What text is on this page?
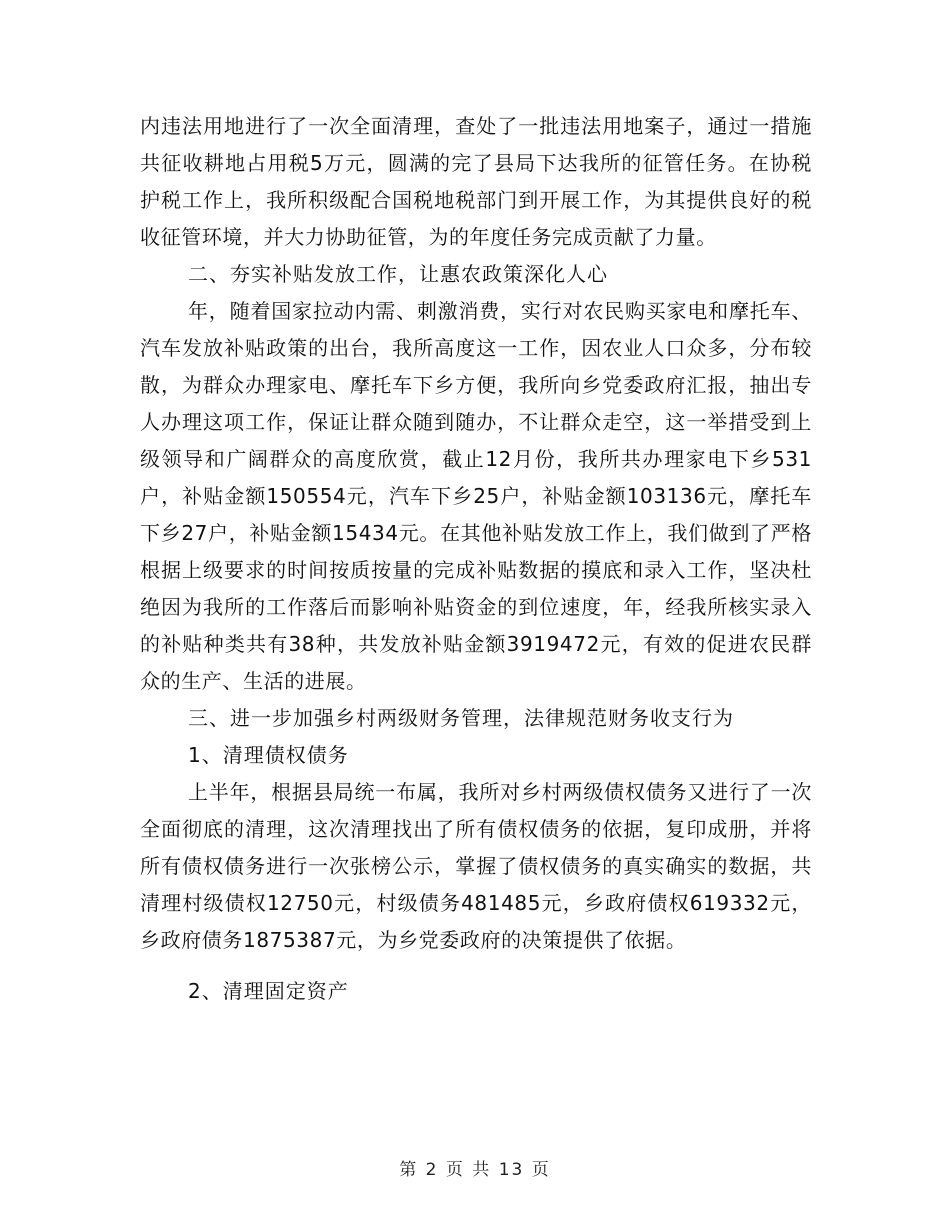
内违法用地进行了一次全面清理，查处了一批违法用地案子，通过一措施共征收耕地占用税5万元，圆满的完了县局下达我所的征管任务。在协税护税工作上，我所积级配合国税地税部门到开展工作，为其提供良好的税收征管环境，并大力协助征管，为的年度任务完成贡献了力量。

二、夯实补贴发放工作，让惠农政策深化人心

年，随着国家拉动内需、刺激消费，实行对农民购买家电和摩托车、汽车发放补贴政策的出台，我所高度这一工作，因农业人口众多，分布较散，为群众办理家电、摩托车下乡方便，我所向乡党委政府汇报，抽出专人办理这项工作，保证让群众随到随办，不让群众走空，这一举措受到上级领导和广阔群众的高度欣赏，截止12月份，我所共办理家电下乡531户，补贴金额150554元，汽车下乡25户，补贴金额103136元，摩托车下乡27户，补贴金额15434元。在其他补贴发放工作上，我们做到了严格根据上级要求的时间按质按量的完成补贴数据的摸底和录入工作，坚决杜绝因为我所的工作落后而影响补贴资金的到位速度，年，经我所核实录入的补贴种类共有38种，共发放补贴金额3919472元，有效的促进农民群众的生产、生活的进展。

三、进一步加强乡村两级财务管理，法律规范财务收支行为

1、清理债权债务

上半年，根据县局统一布属，我所对乡村两级债权债务又进行了一次全面彻底的清理，这次清理找出了所有债权债务的依据，复印成册，并将所有债权债务进行一次张榜公示，掌握了债权债务的真实确实的数据，共清理村级债权12750元，村级债务481485元，乡政府债权619332元，乡政府债务1875387元，为乡党委政府的决策提供了依据。

2、清理固定资产

第 2 页 共 13 页
